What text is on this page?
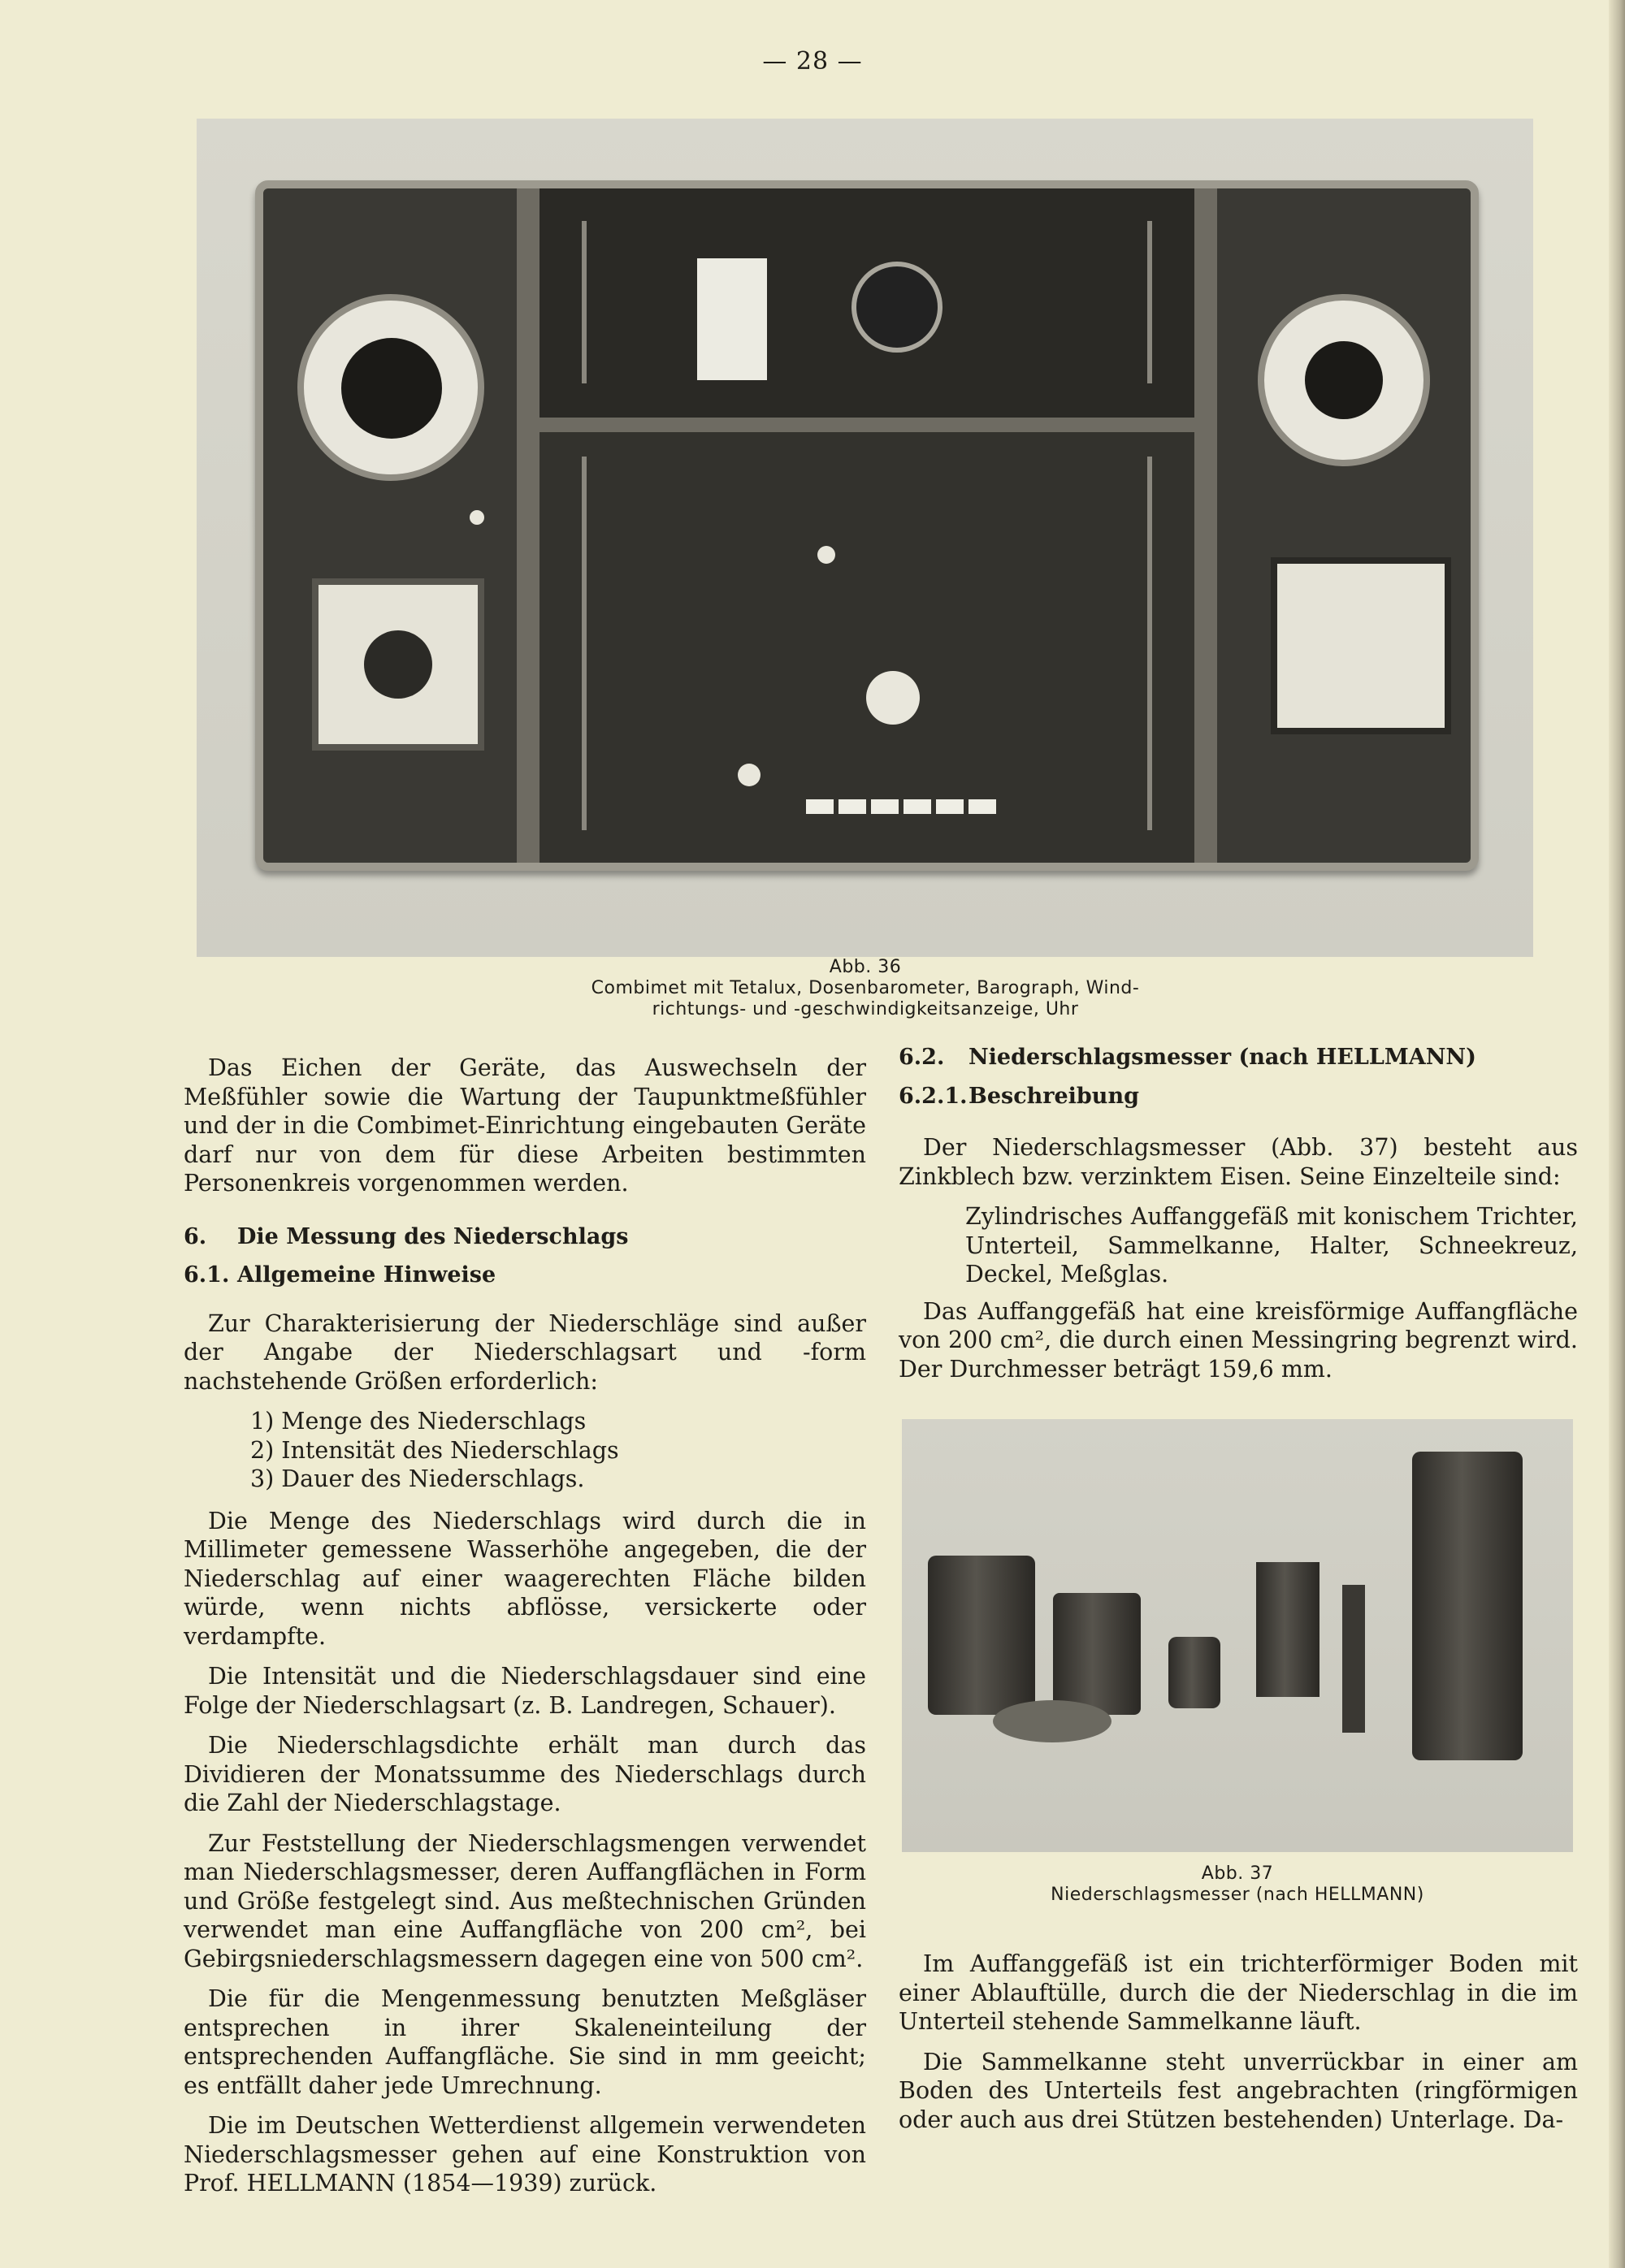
— 28 —
Abb. 36
Combimet mit Tetalux, Dosenbarometer, Barograph, Wind-
richtungs- und -geschwindigkeitsanzeige, Uhr

Das Eichen der Geräte, das Auswechseln der Meßfühler sowie die Wartung der Taupunktmeßfühler und der in die Combimet-Einrichtung eingebauten Geräte darf nur von dem für diese Arbeiten bestimmten Personenkreis vorgenommen werden.

6. Die Messung des Niederschlags
6.1. Allgemeine Hinweise

Zur Charakterisierung der Niederschläge sind außer der Angabe der Niederschlagsart und -form nachstehende Größen erforderlich:

1) Menge des Niederschlags
2) Intensität des Niederschlags
3) Dauer des Niederschlags.

Die Menge des Niederschlags wird durch die in Millimeter gemessene Wasserhöhe angegeben, die der Niederschlag auf einer waagerechten Fläche bilden würde, wenn nichts abflösse, versickerte oder verdampfte.

Die Intensität und die Niederschlagsdauer sind eine Folge der Niederschlagsart (z. B. Landregen, Schauer).

Die Niederschlagsdichte erhält man durch das Dividieren der Monatssumme des Niederschlags durch die Zahl der Niederschlagstage.

Zur Feststellung der Niederschlagsmengen verwendet man Niederschlagsmesser, deren Auffangflächen in Form und Größe festgelegt sind. Aus meßtechnischen Gründen verwendet man eine Auffangfläche von 200 cm², bei Gebirgsniederschlagsmessern dagegen eine von 500 cm².

Die für die Mengenmessung benutzten Meßgläser entsprechen in ihrer Skaleneinteilung der entsprechenden Auffangfläche. Sie sind in mm geeicht; es entfällt daher jede Umrechnung.

Die im Deutschen Wetterdienst allgemein verwendeten Niederschlagsmesser gehen auf eine Konstruktion von Prof. HELLMANN (1854—1939) zurück.

6.2. Niederschlagsmesser (nach HELLMANN)
6.2.1.Beschreibung

Der Niederschlagsmesser (Abb. 37) besteht aus Zinkblech bzw. verzinktem Eisen. Seine Einzelteile sind:

Zylindrisches Auffanggefäß mit konischem Trichter, Unterteil, Sammelkanne, Halter, Schneekreuz, Deckel, Meßglas.

Das Auffanggefäß hat eine kreisförmige Auffangfläche von 200 cm², die durch einen Messingring begrenzt wird. Der Durchmesser beträgt 159,6 mm.

Abb. 37
Niederschlagsmesser (nach HELLMANN)

Im Auffanggefäß ist ein trichterförmiger Boden mit einer Ablauftülle, durch die der Niederschlag in die im Unterteil stehende Sammelkanne läuft.

Die Sammelkanne steht unverrückbar in einer am Boden des Unterteils fest angebrachten (ringförmigen oder auch aus drei Stützen bestehenden) Unterlage. Da-
